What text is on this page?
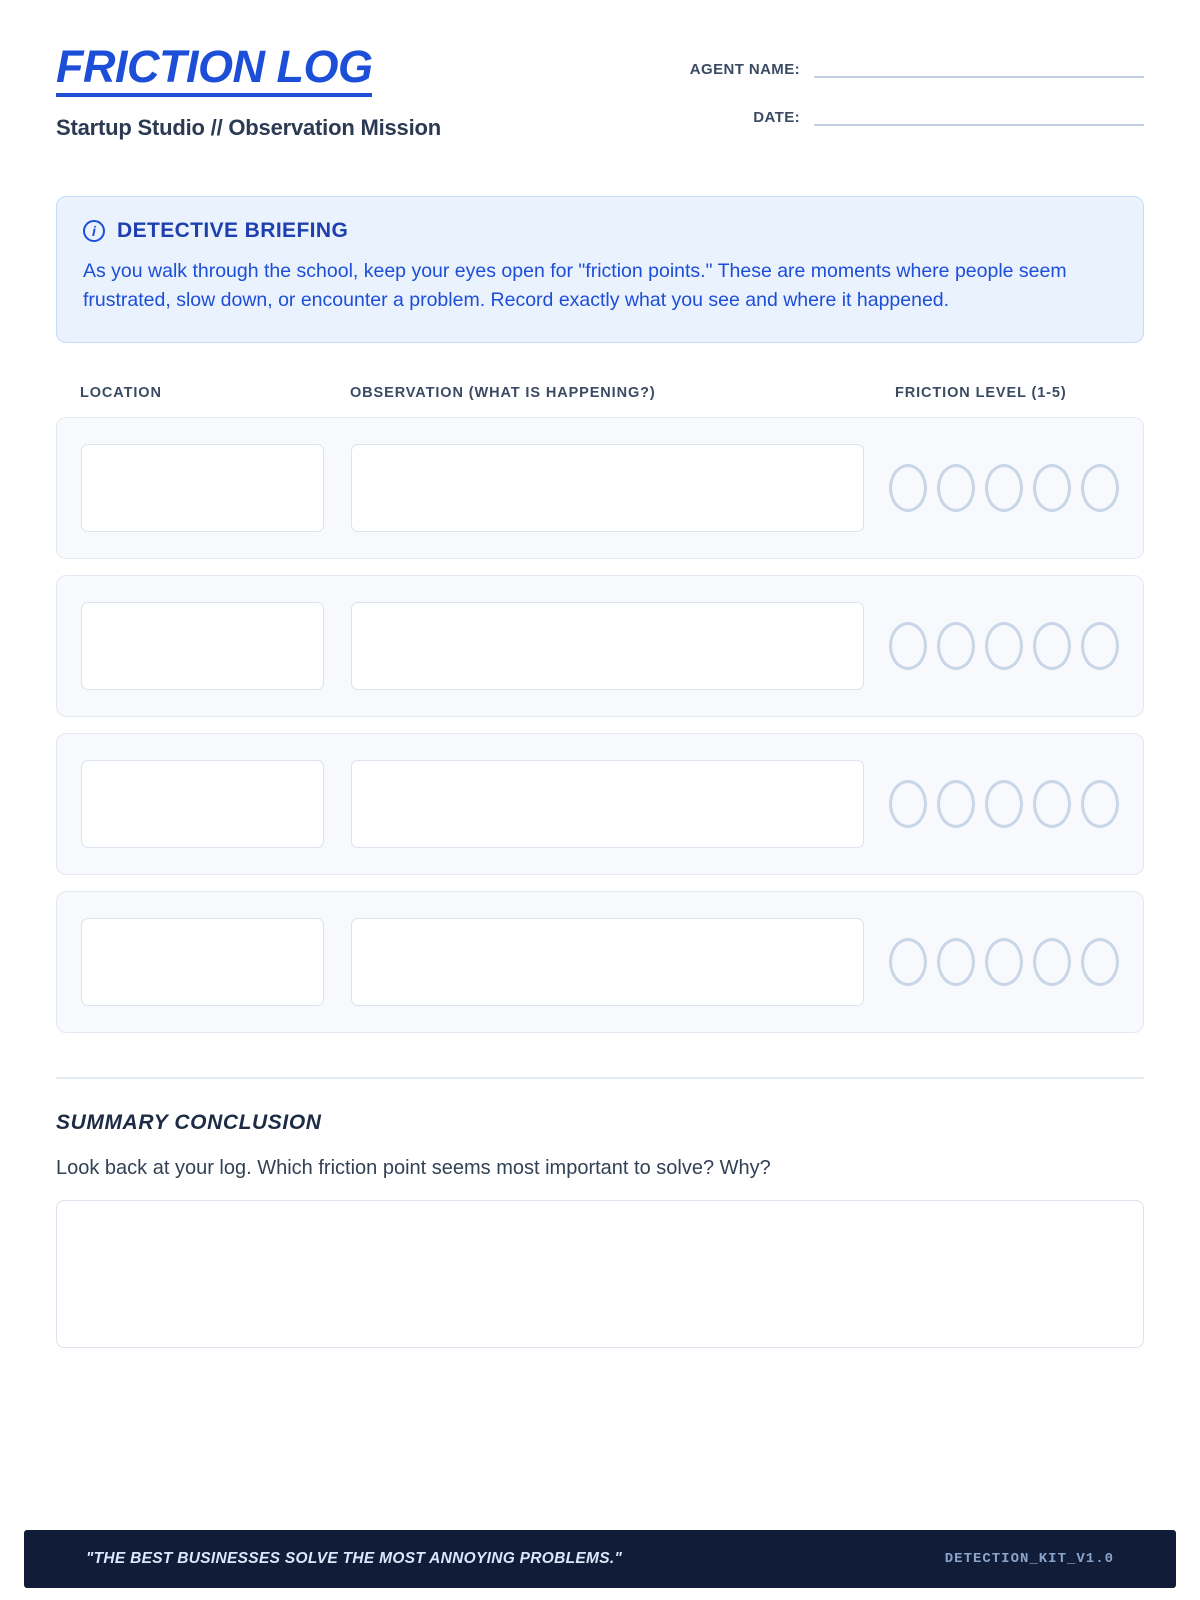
FRICTION LOG
Startup Studio // Observation Mission
AGENT NAME:
DATE:
i	DETECTIVE BRIEFING
As you walk through the school, keep your eyes open for "friction points." These are moments where people seem frustrated, slow down, or encounter a problem. Record exactly what you see and where it happened.
LOCATION	OBSERVATION (WHAT IS HAPPENING?)	FRICTION LEVEL (1-5)
SUMMARY CONCLUSION
Look back at your log. Which friction point seems most important to solve? Why?
"THE BEST BUSINESSES SOLVE THE MOST ANNOYING PROBLEMS."	DETECTION_KIT_V1.0
